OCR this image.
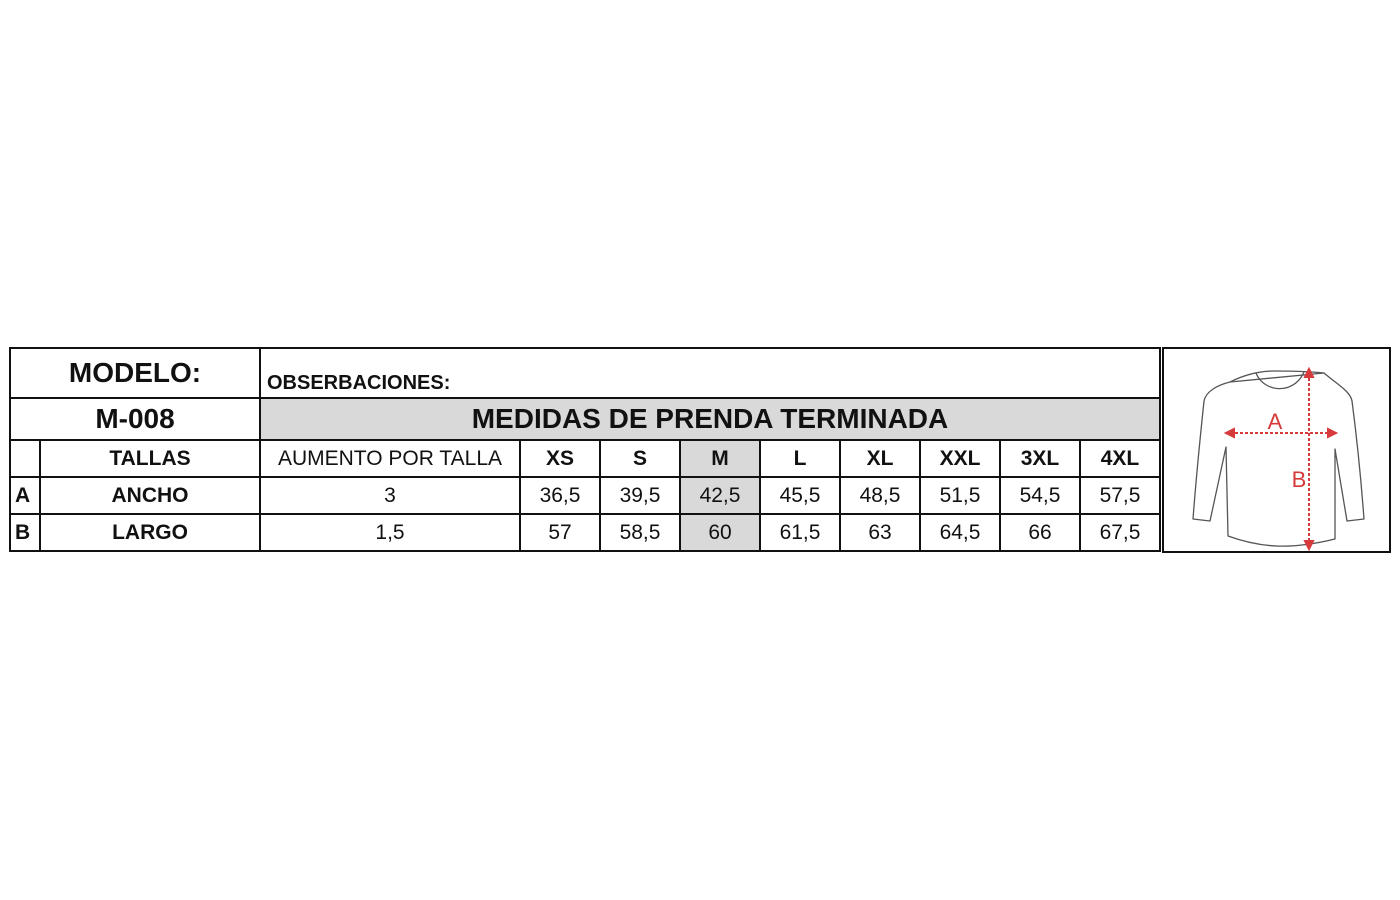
MODELO:		OBSERBACIONES:								
M-008		MEDIDAS DE PRENDA TERMINADA								
	TALLAS	AUMENTO POR TALLA	XS	S	M	L	XL	XXL	3XL	4XL
A	ANCHO	3	36,5	39,5	42,5	45,5	48,5	51,5	54,5	57,5
B	LARGO	1,5	57	58,5	60	61,5	63	64,5	66	67,5
A
B
